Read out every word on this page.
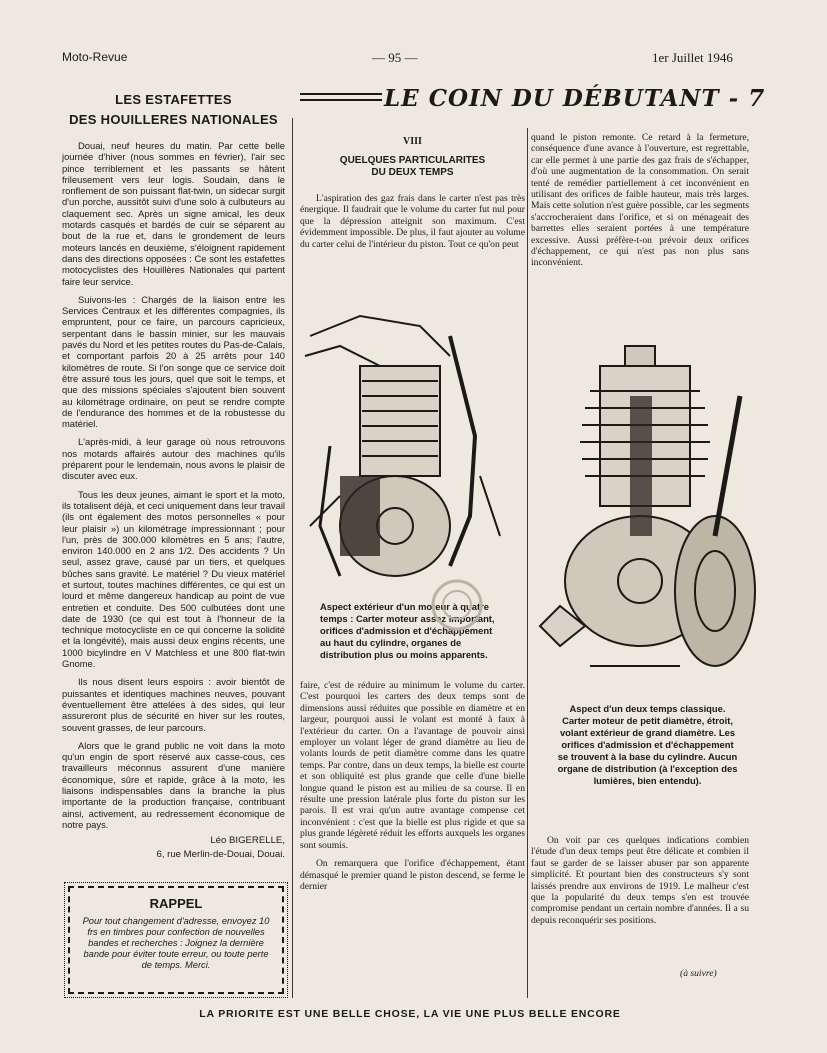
Moto-Revue	— 95 —	1er Juillet 1946
LES ESTAFETTES
DES HOUILLERES NATIONALES

Douai, neuf heures du matin. Par cette belle journée d'hiver (nous sommes en février), l'air sec pince terriblement et les passants se hâtent frileusement vers leur logis. Soudain, dans le ronflement de son puissant flat-twin, un sidecar surgit d'un porche, aussitôt suivi d'une solo à culbuteurs au claquement sec. Après un signe amical, les deux motards casqués et bardés de cuir se séparent au bout de la rue et, dans le grondement de leurs moteurs lancés en deuxième, s'éloignent rapidement dans des directions opposées : Ce sont les estafettes motocyclistes des Houillères Nationales qui partent faire leur service.

Suivons-les : Chargés de la liaison entre les Services Centraux et les différentes compagnies, ils empruntent, pour ce faire, un parcours capricieux, serpentant dans le bassin minier, sur les mauvais pavés du Nord et les petites routes du Pas-de-Calais, et comportant parfois 20 à 25 arrêts pour 140 kilomètres de route. Si l'on songe que ce service doit être assuré tous les jours, quel que soit le temps, et que des missions spéciales s'ajoutent bien souvent au kilométrage ordinaire, on peut se rendre compte de l'endurance des hommes et de la robustesse du matériel.

L'après-midi, à leur garage où nous retrouvons nos motards affairés autour des machines qu'ils préparent pour le lendemain, nous avons le plaisir de discuter avec eux.

Tous les deux jeunes, aimant le sport et la moto, ils totalisent déjà, et ceci uniquement dans leur travail (ils ont également des motos personnelles « pour leur plaisir ») un kilométrage impressionnant ; pour l'un, près de 300.000 kilomètres en 5 ans; l'autre, environ 140.000 en 2 ans 1/2. Des accidents ? Un seul, assez grave, causé par un tiers, et quelques bûches sans gravité. Le matériel ? Du vieux matériel et surtout, toutes machines différentes, ce qui est un lourd et même dangereux handicap au point de vue entretien et conduite. Des 500 culbutées dont une date de 1930 (ce qui est tout à l'honneur de la technique motocycliste en ce qui concerne la solidité et la longévité), mais aussi deux engins récents, une 1000 bicylindre en V Matchless et une 800 flat-twin Gnome.

Ils nous disent leurs espoirs : avoir bientôt de puissantes et identiques machines neuves, pouvant éventuellement être attelées à des sides, qui leur assureront plus de sécurité en hiver sur les routes, souvent grasses, de leur parcours.

Alors que le grand public ne voit dans la moto qu'un engin de sport réservé aux casse-cous, ces travailleurs méconnus assurent d'une manière économique, sûre et rapide, grâce à la moto, les liaisons indispensables dans la branche la plus importante de la production française, contribuant ainsi, activement, au redressement économique de notre pays.

Léo BIGERELLE,
6, rue Merlin-de-Douai, Douai.
RAPPEL
Pour tout changement d'adresse, envoyez 10 frs en timbres pour confection de nouvelles bandes et recherches : Joignez la dernière bande pour éviter toute erreur, ou toute perte de temps. Merci.
LE COIN DU DÉBUTANT - 7
VIII
QUELQUES PARTICULARITES
DU DEUX TEMPS

L'aspiration des gaz frais dans le carter n'est pas très énergique. Il faudrait que le volume du carter fut nul pour que la dépression atteignit son maximum. C'est évidemment impossible. De plus, il faut ajouter au volume du carter celui de l'intérieur du piston. Tout ce qu'on peut

Aspect extérieur d'un moteur à quatre temps : Carter moteur assez important, orifices d'admission et d'échappement au haut du cylindre, organes de distribution plus ou moins apparents.

faire, c'est de réduire au minimum le volume du carter. C'est pourquoi les carters des deux temps sont de dimensions aussi réduites que possible en diamètre et en largeur, pourquoi aussi le volant est monté à faux à l'extérieur du carter. On a l'avantage de pouvoir ainsi employer un volant léger de grand diamètre au lieu de volants lourds de petit diamètre comme dans les quatre temps. Par contre, dans un deux temps, la bielle est courte et son obliquité est plus grande que celle d'une bielle longue quand le piston est au milieu de sa course. Il en résulte une pression latérale plus forte du piston sur les parois. Il est vrai qu'un autre avantage compense cet inconvénient : c'est que la bielle est plus rigide et que sa plus grande légèreté réduit les efforts auxquels les organes sont soumis.

On remarquera que l'orifice d'échappement, étant démasqué le premier quand le piston descend, se ferme le dernier

quand le piston remonte. Ce retard à la fermeture, conséquence d'une avance à l'ouverture, est regrettable, car elle permet à une partie des gaz frais de s'échapper, d'où une augmentation de la consommation. On serait tenté de remédier partiellement à cet inconvénient en utilisant des orifices de faible hauteur, mais très larges. Mais cette solution n'est guère possible, car les segments s'accrocheraient dans l'orifice, et si on ménageait des barrettes elles seraient portées à une température excessive. Aussi préfère-t-on prévoir deux orifices d'échappement, ce qui n'est pas non plus sans inconvénient.

Aspect d'un deux temps classique. Carter moteur de petit diamètre, étroit, volant extérieur de grand diamètre. Les orifices d'admission et d'échappement se trouvent à la base du cylindre. Aucun organe de distribution (à l'exception des lumières, bien entendu).

On voit par ces quelques indications combien l'étude d'un deux temps peut être délicate et combien il faut se garder de se laisser abuser par son apparente simplicité. Et pourtant bien des constructeurs s'y sont laissés prendre aux environs de 1919. Le malheur c'est que la popularité du deux temps s'en est trouvée compromise pendant un certain nombre d'années. Il a su depuis reconquérir ses positions.

(à suivre)
LA PRIORITE EST UNE BELLE CHOSE, LA VIE UNE PLUS BELLE ENCORE
